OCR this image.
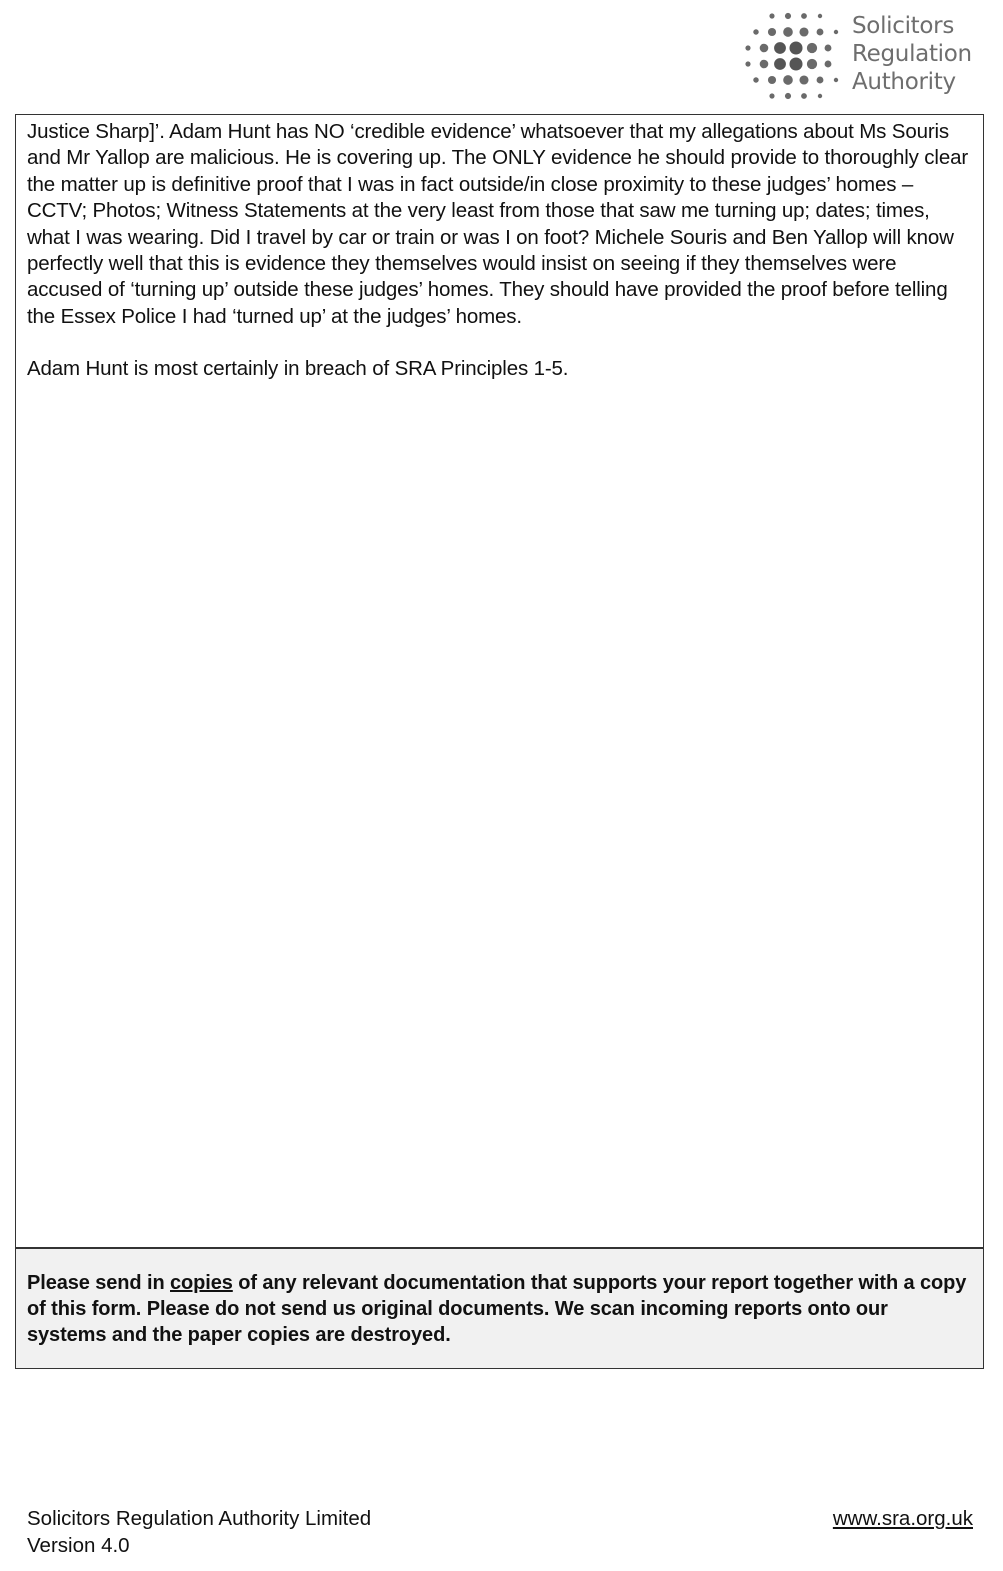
Solicitors
Regulation
Authority

Justice Sharp]’. Adam Hunt has NO ‘credible evidence’ whatsoever that my allegations about Ms Souris and Mr Yallop are malicious. He is covering up. The ONLY evidence he should provide to thoroughly clear the matter up is definitive proof that I was in fact outside/in close proximity to these judges’ homes – CCTV; Photos; Witness Statements at the very least from those that saw me turning up; dates; times, what I was wearing. Did I travel by car or train or was I on foot? Michele Souris and Ben Yallop will know perfectly well that this is evidence they themselves would insist on seeing if they themselves were accused of ‘turning up’ outside these judges’ homes. They should have provided the proof before telling the Essex Police I had ‘turned up’ at the judges’ homes.

Adam Hunt is most certainly in breach of SRA Principles 1-5.

Please send in copies of any relevant documentation that supports your report together with a copy of this form. Please do not send us original documents. We scan incoming reports onto our systems and the paper copies are destroyed.

Solicitors Regulation Authority Limited
Version 4.0
www.sra.org.uk
